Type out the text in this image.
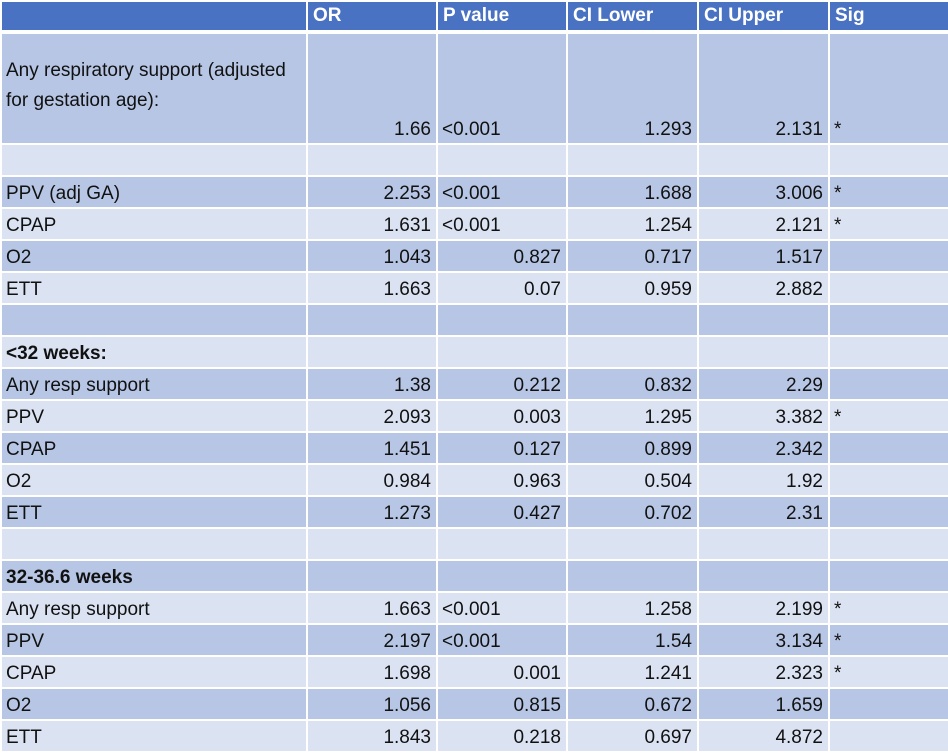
	OR	P value	CI Lower	CI Upper	Sig
Any respiratory support (adjusted for gestation age):	1.66	<0.001	1.293	2.131	*

PPV (adj GA)	2.253	<0.001	1.688	3.006	*
CPAP	1.631	<0.001	1.254	2.121	*
O2	1.043	0.827	0.717	1.517	
ETT	1.663	0.07	0.959	2.882	

<32 weeks:					
Any resp support	1.38	0.212	0.832	2.29	
PPV	2.093	0.003	1.295	3.382	*
CPAP	1.451	0.127	0.899	2.342	
O2	0.984	0.963	0.504	1.92	
ETT	1.273	0.427	0.702	2.31	

32-36.6 weeks					
Any resp support	1.663	<0.001	1.258	2.199	*
PPV	2.197	<0.001	1.54	3.134	*
CPAP	1.698	0.001	1.241	2.323	*
O2	1.056	0.815	0.672	1.659	
ETT	1.843	0.218	0.697	4.872	
